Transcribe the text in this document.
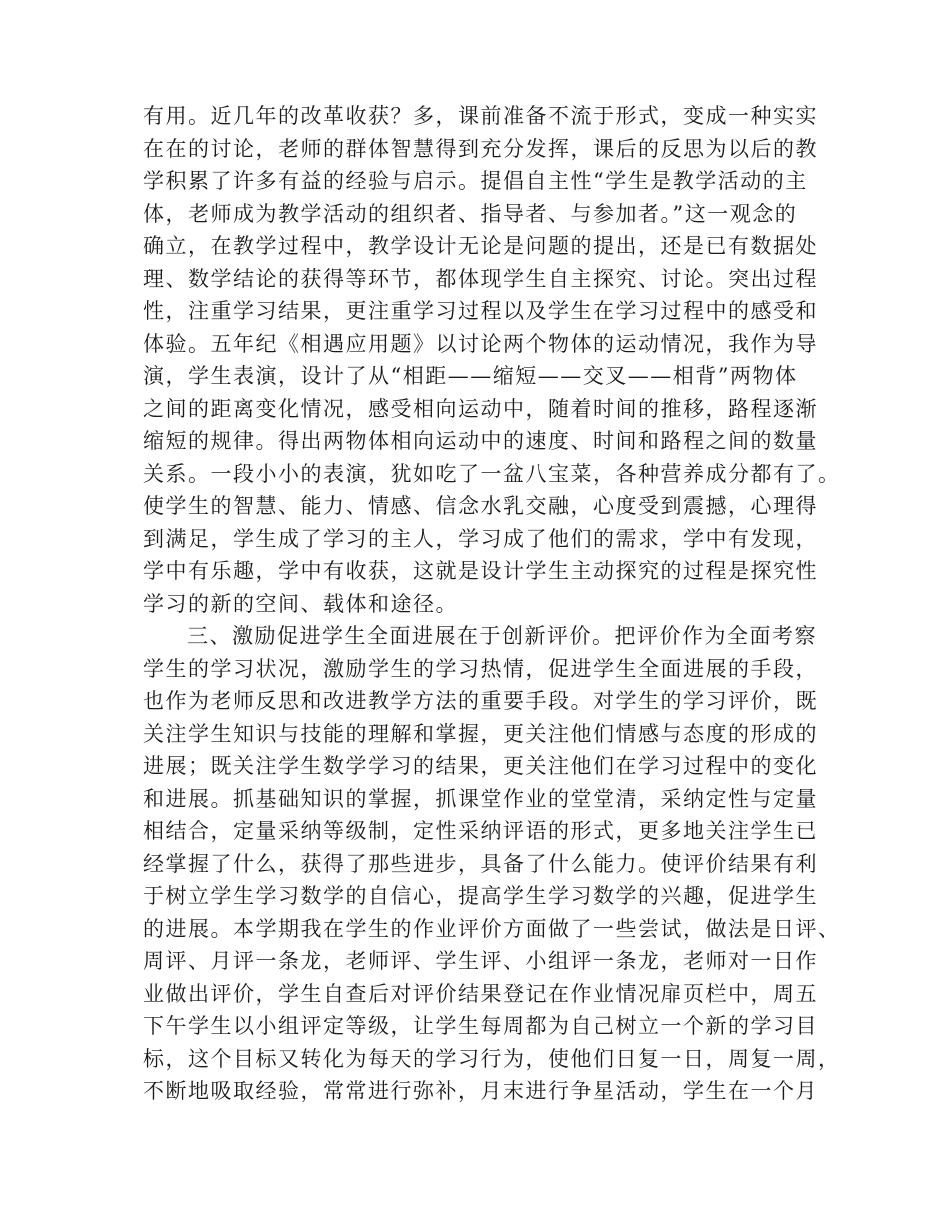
有用。近几年的改革收获？多，课前准备不流于形式，变成一种实实
在在的讨论，老师的群体智慧得到充分发挥，课后的反思为以后的教
学积累了许多有益的经验与启示。提倡自主性“学生是教学活动的主
体，老师成为教学活动的组织者、指导者、与参加者。”这一观念的
确立，在教学过程中，教学设计无论是问题的提出，还是已有数据处
理、数学结论的获得等环节，都体现学生自主探究、讨论。突出过程
性，注重学习结果，更注重学习过程以及学生在学习过程中的感受和
体验。五年纪《相遇应用题》以讨论两个物体的运动情况，我作为导
演，学生表演，设计了从“相距——缩短——交叉——相背”两物体
之间的距离变化情况，感受相向运动中，随着时间的推移，路程逐渐
缩短的规律。得出两物体相向运动中的速度、时间和路程之间的数量
关系。一段小小的表演，犹如吃了一盆八宝菜，各种营养成分都有了。
使学生的智慧、能力、情感、信念水乳交融，心度受到震撼，心理得
到满足，学生成了学习的主人，学习成了他们的需求，学中有发现，
学中有乐趣，学中有收获，这就是设计学生主动探究的过程是探究性
学习的新的空间、载体和途径。
三、激励促进学生全面进展在于创新评价。把评价作为全面考察
学生的学习状况，激励学生的学习热情，促进学生全面进展的手段，
也作为老师反思和改进教学方法的重要手段。对学生的学习评价，既
关注学生知识与技能的理解和掌握，更关注他们情感与态度的形成的
进展；既关注学生数学学习的结果，更关注他们在学习过程中的变化
和进展。抓基础知识的掌握，抓课堂作业的堂堂清，采纳定性与定量
相结合，定量采纳等级制，定性采纳评语的形式，更多地关注学生已
经掌握了什么，获得了那些进步，具备了什么能力。使评价结果有利
于树立学生学习数学的自信心，提高学生学习数学的兴趣，促进学生
的进展。本学期我在学生的作业评价方面做了一些尝试，做法是日评、
周评、月评一条龙，老师评、学生评、小组评一条龙，老师对一日作
业做出评价，学生自查后对评价结果登记在作业情况扉页栏中，周五
下午学生以小组评定等级，让学生每周都为自己树立一个新的学习目
标，这个目标又转化为每天的学习行为，使他们日复一日，周复一周，
不断地吸取经验，常常进行弥补，月末进行争星活动，学生在一个月
